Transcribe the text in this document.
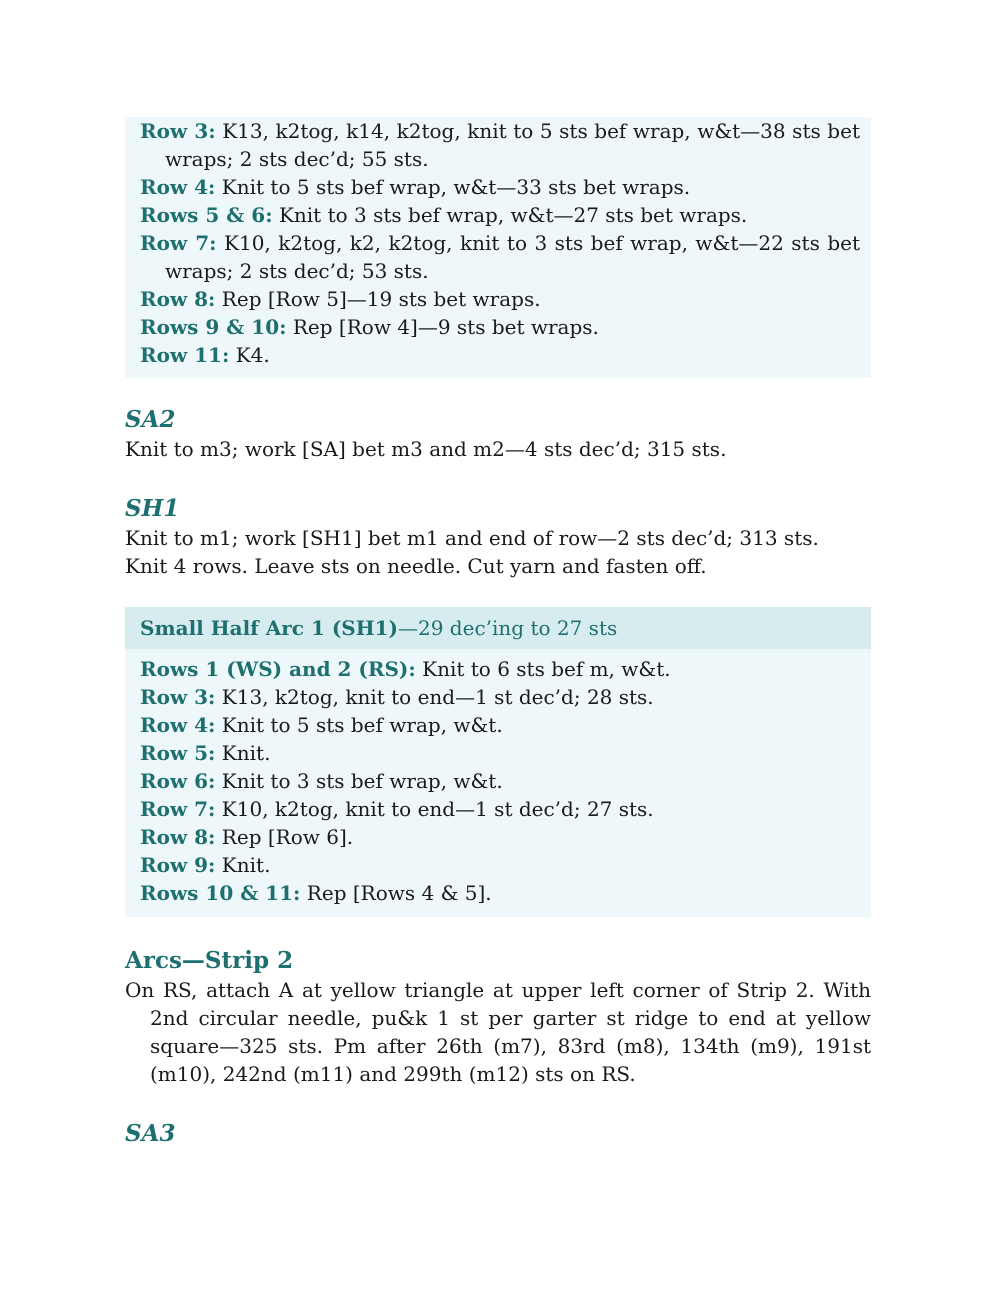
Row 3: K13, k2tog, k14, k2tog, knit to 5 sts bef wrap, w&t—38 sts bet wraps; 2 sts dec’d; 55 sts.

Row 4: Knit to 5 sts bef wrap, w&t—33 sts bet wraps.

Rows 5 & 6: Knit to 3 sts bef wrap, w&t—27 sts bet wraps.

Row 7: K10, k2tog, k2, k2tog, knit to 3 sts bef wrap, w&t—22 sts bet wraps; 2 sts dec’d; 53 sts.

Row 8: Rep [Row 5]—19 sts bet wraps.

Rows 9 & 10: Rep [Row 4]—9 sts bet wraps.

Row 11: K4.

SA2

Knit to m3; work [SA] bet m3 and m2—4 sts dec’d; 315 sts.

SH1

Knit to m1; work [SH1] bet m1 and end of row—2 sts dec’d; 313 sts.

Knit 4 rows. Leave sts on needle. Cut yarn and fasten off.

Small Half Arc 1 (SH1)—29 dec’ing to 27 sts

Rows 1 (WS) and 2 (RS): Knit to 6 sts bef m, w&t.

Row 3: K13, k2tog, knit to end—1 st dec’d; 28 sts.

Row 4: Knit to 5 sts bef wrap, w&t.

Row 5: Knit.

Row 6: Knit to 3 sts bef wrap, w&t.

Row 7: K10, k2tog, knit to end—1 st dec’d; 27 sts.

Row 8: Rep [Row 6].

Row 9: Knit.

Rows 10 & 11: Rep [Rows 4 & 5].

Arcs—Strip 2

On RS, attach A at yellow triangle at upper left corner of Strip 2. With 2nd circular needle, pu&k 1 st per garter st ridge to end at yellow square—325 sts. Pm after 26th (m7), 83rd (m8), 134th (m9), 191st (m10), 242nd (m11) and 299th (m12) sts on RS.

SA3
